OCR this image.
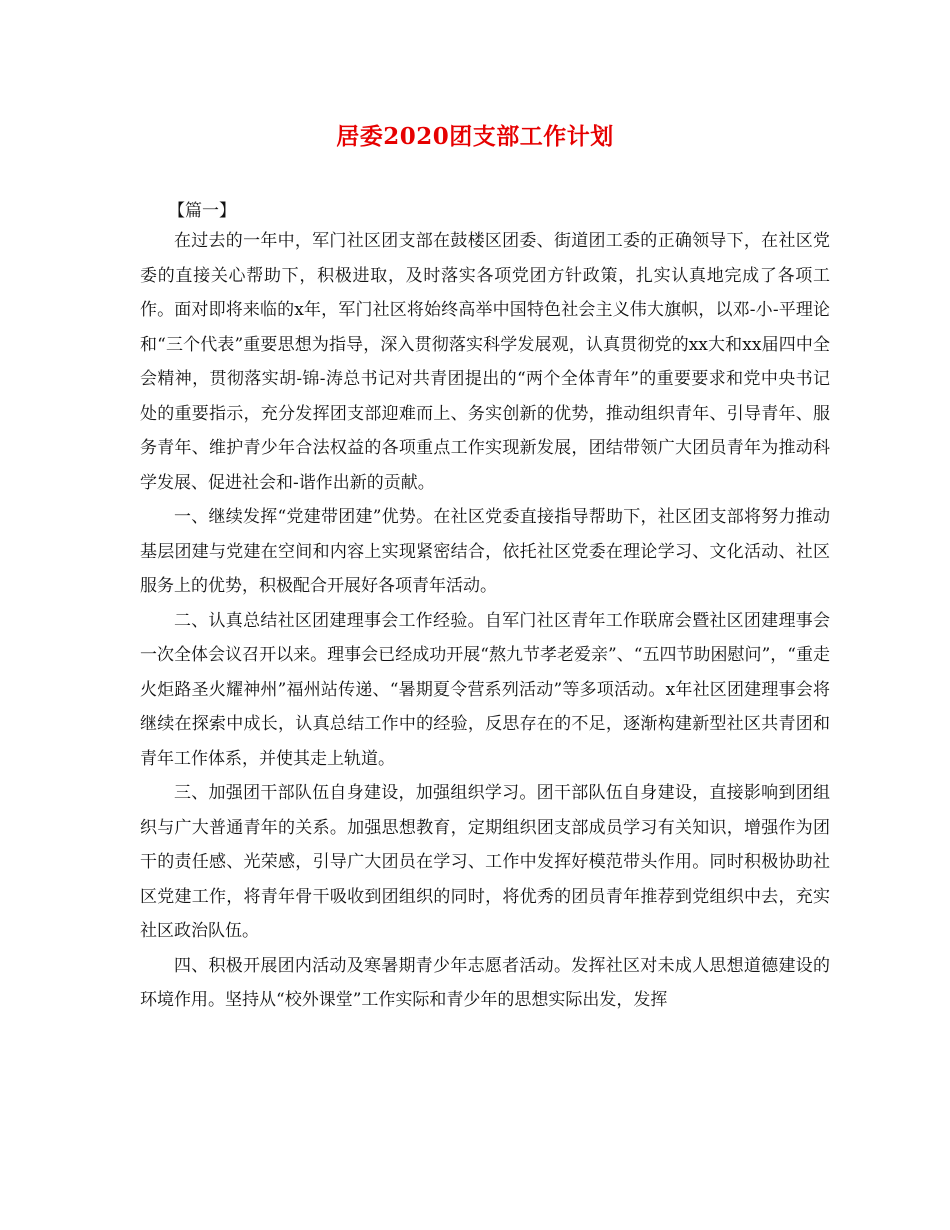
居委2020团支部工作计划
【篇一】

在过去的一年中，军门社区团支部在鼓楼区团委、街道团工委的正确领导下，在社区党委的直接关心帮助下，积极进取，及时落实各项党团方针政策，扎实认真地完成了各项工作。面对即将来临的x年，军门社区将始终高举中国特色社会主义伟大旗帜，以邓-小-平理论和“三个代表”重要思想为指导，深入贯彻落实科学发展观，认真贯彻党的xx大和xx届四中全会精神，贯彻落实胡-锦-涛总书记对共青团提出的“两个全体青年”的重要要求和党中央书记处的重要指示，充分发挥团支部迎难而上、务实创新的优势，推动组织青年、引导青年、服务青年、维护青少年合法权益的各项重点工作实现新发展，团结带领广大团员青年为推动科学发展、促进社会和-谐作出新的贡献。

一、继续发挥“党建带团建”优势。在社区党委直接指导帮助下，社区团支部将努力推动基层团建与党建在空间和内容上实现紧密结合，依托社区党委在理论学习、文化活动、社区服务上的优势，积极配合开展好各项青年活动。

二、认真总结社区团建理事会工作经验。自军门社区青年工作联席会暨社区团建理事会一次全体会议召开以来。理事会已经成功开展“熬九节孝老爱亲”、“五四节助困慰问”，“重走火炬路圣火耀神州”福州站传递、“暑期夏令营系列活动”等多项活动。x年社区团建理事会将继续在探索中成长，认真总结工作中的经验，反思存在的不足，逐渐构建新型社区共青团和青年工作体系，并使其走上轨道。

三、加强团干部队伍自身建设，加强组织学习。团干部队伍自身建设，直接影响到团组织与广大普通青年的关系。加强思想教育，定期组织团支部成员学习有关知识，增强作为团干的责任感、光荣感，引导广大团员在学习、工作中发挥好模范带头作用。同时积极协助社区党建工作，将青年骨干吸收到团组织的同时，将优秀的团员青年推荐到党组织中去，充实社区政治队伍。

四、积极开展团内活动及寒暑期青少年志愿者活动。发挥社区对未成人思想道德建设的环境作用。坚持从“校外课堂”工作实际和青少年的思想实际出发，发挥
